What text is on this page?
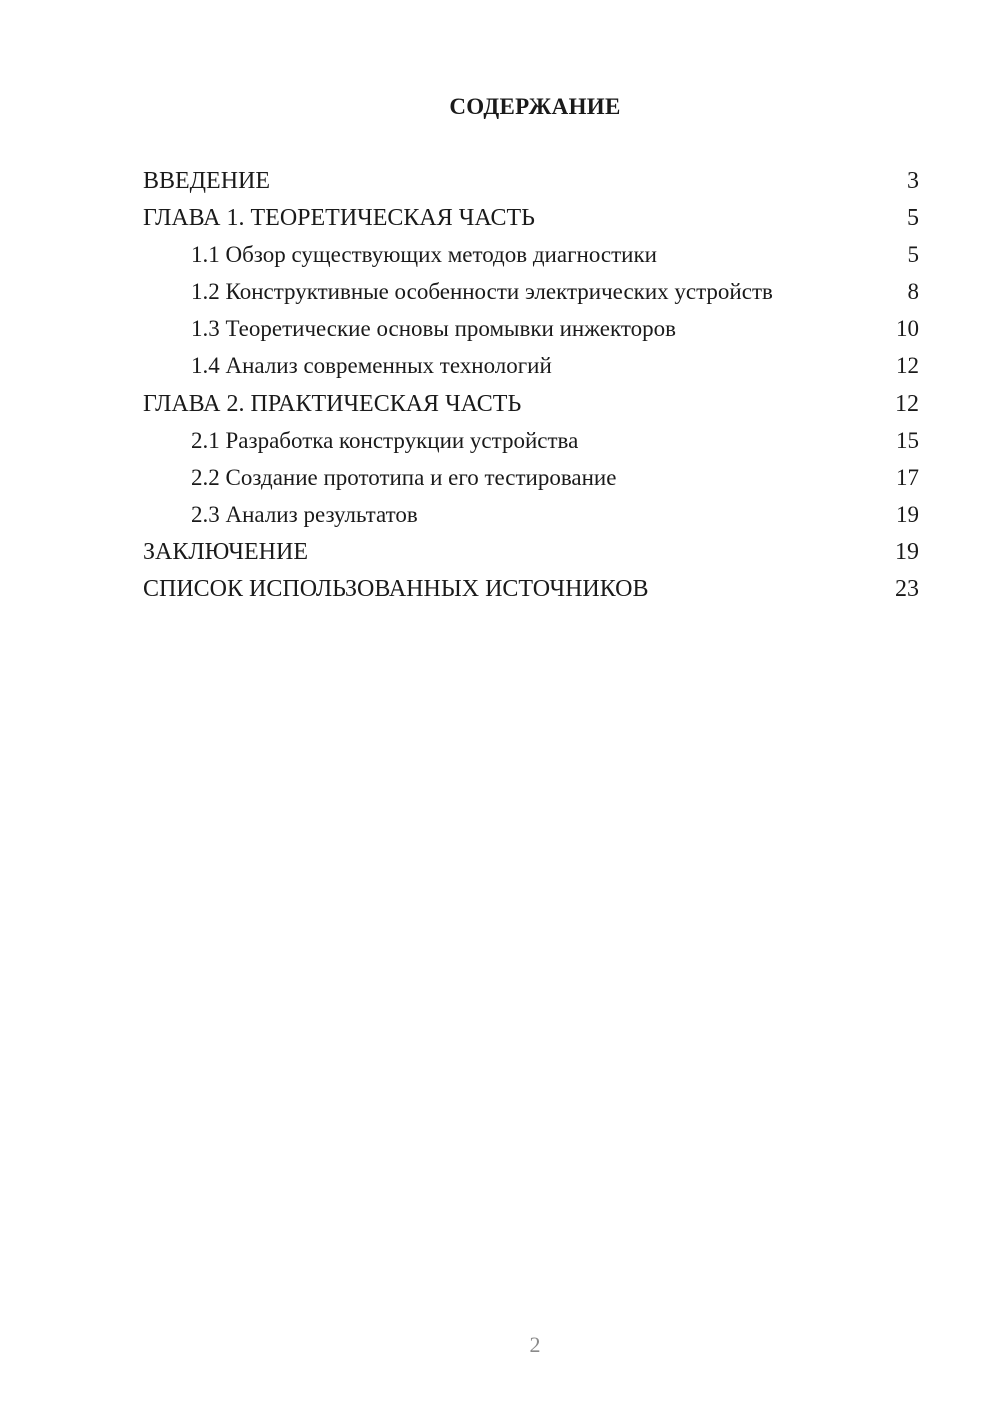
СОДЕРЖАНИЕ
ВВЕДЕНИЕ	3
ГЛАВА 1. ТЕОРЕТИЧЕСКАЯ ЧАСТЬ	5
1.1 Обзор существующих методов диагностики	5
1.2 Конструктивные особенности электрических устройств	8
1.3 Теоретические основы промывки инжекторов	10
1.4 Анализ современных технологий	12
ГЛАВА 2. ПРАКТИЧЕСКАЯ ЧАСТЬ	12
2.1 Разработка конструкции устройства	15
2.2 Создание прототипа и его тестирование	17
2.3 Анализ результатов	19
ЗАКЛЮЧЕНИЕ	19
СПИСОК ИСПОЛЬЗОВАННЫХ ИСТОЧНИКОВ	23
2
